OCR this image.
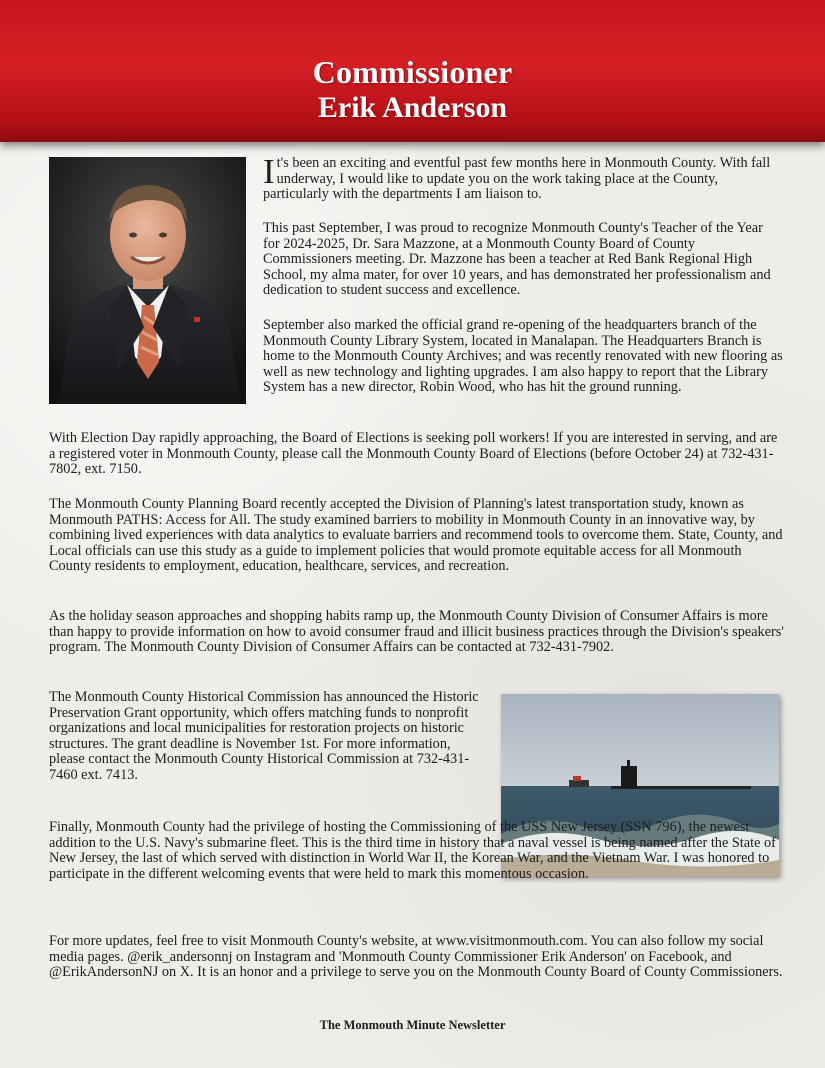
Commissioner
Erik Anderson

It's been an exciting and eventful past few months here in Monmouth County. With fall underway, I would like to update you on the work taking place at the County, particularly with the departments I am liaison to.

This past September, I was proud to recognize Monmouth County's Teacher of the Year for 2024-2025, Dr. Sara Mazzone, at a Monmouth County Board of County Commissioners meeting. Dr. Mazzone has been a teacher at Red Bank Regional High School, my alma mater, for over 10 years, and has demonstrated her professionalism and dedication to student success and excellence.

September also marked the official grand re-opening of the headquarters branch of the Monmouth County Library System, located in Manalapan. The Headquarters Branch is home to the Monmouth County Archives; and was recently renovated with new flooring as well as new technology and lighting upgrades. I am also happy to report that the Library System has a new director, Robin Wood, who has hit the ground running.

With Election Day rapidly approaching, the Board of Elections is seeking poll workers! If you are interested in serving, and are a registered voter in Monmouth County, please call the Monmouth County Board of Elections (before October 24) at 732-431-7802, ext. 7150.

The Monmouth County Planning Board recently accepted the Division of Planning's latest transportation study, known as Monmouth PATHS: Access for All. The study examined barriers to mobility in Monmouth County in an innovative way, by combining lived experiences with data analytics to evaluate barriers and recommend tools to overcome them. State, County, and Local officials can use this study as a guide to implement policies that would promote equitable access for all Monmouth County residents to employment, education, healthcare, services, and recreation.

As the holiday season approaches and shopping habits ramp up, the Monmouth County Division of Consumer Affairs is more than happy to provide information on how to avoid consumer fraud and illicit business practices through the Division's speakers' program. The Monmouth County Division of Consumer Affairs can be contacted at 732-431-7902.

The Monmouth County Historical Commission has announced the Historic Preservation Grant opportunity, which offers matching funds to nonprofit organizations and local municipalities for restoration projects on historic structures. The grant deadline is November 1st. For more information, please contact the Monmouth County Historical Commission at 732-431-7460 ext. 7413.

Finally, Monmouth County had the privilege of hosting the Commissioning of the USS New Jersey (SSN 796), the newest addition to the U.S. Navy's submarine fleet. This is the third time in history that a naval vessel is being named after the State of New Jersey, the last of which served with distinction in World War II, the Korean War, and the Vietnam War. I was honored to participate in the different welcoming events that were held to mark this momentous occasion.

For more updates, feel free to visit Monmouth County's website, at www.visitmonmouth.com. You can also follow my social media pages. @erik_andersonnj on Instagram and 'Monmouth County Commissioner Erik Anderson' on Facebook, and @ErikAndersonNJ on X. It is an honor and a privilege to serve you on the Monmouth County Board of County Commissioners.

The Monmouth Minute Newsletter
